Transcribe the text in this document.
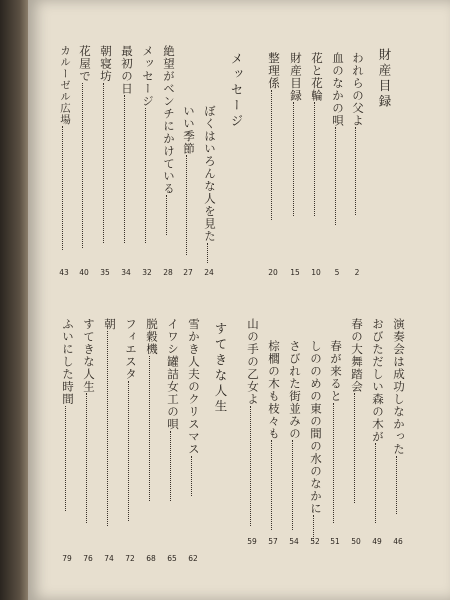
財産目録
われらの父よ
2
血のなかの唄
5
花と花輪
10
財産目録
15
整理係
20
メッセージ
ぼくはいろんな人を見た
24
いい季節
27
絶望がベンチにかけている
28
メッセージ
32
最初の日
34
朝寝坊
35
花屋で
40
カルーゼル広場
43
演奏会は成功しなかった
46
おびただしい森の木が
49
春の大舞踏会
50
春が来ると
51
しののめの東の間の水のなかに
52
さびれた街並みの
54
棕櫚の木も枝々も
57
山の手の乙女よ
59
すてきな人生
雪かき人夫のクリスマス
62
イワシ罐詰女工の唄
65
脱穀機
68
フィエスタ
72
朝
74
すてきな人生
76
ふいにした時間
79
